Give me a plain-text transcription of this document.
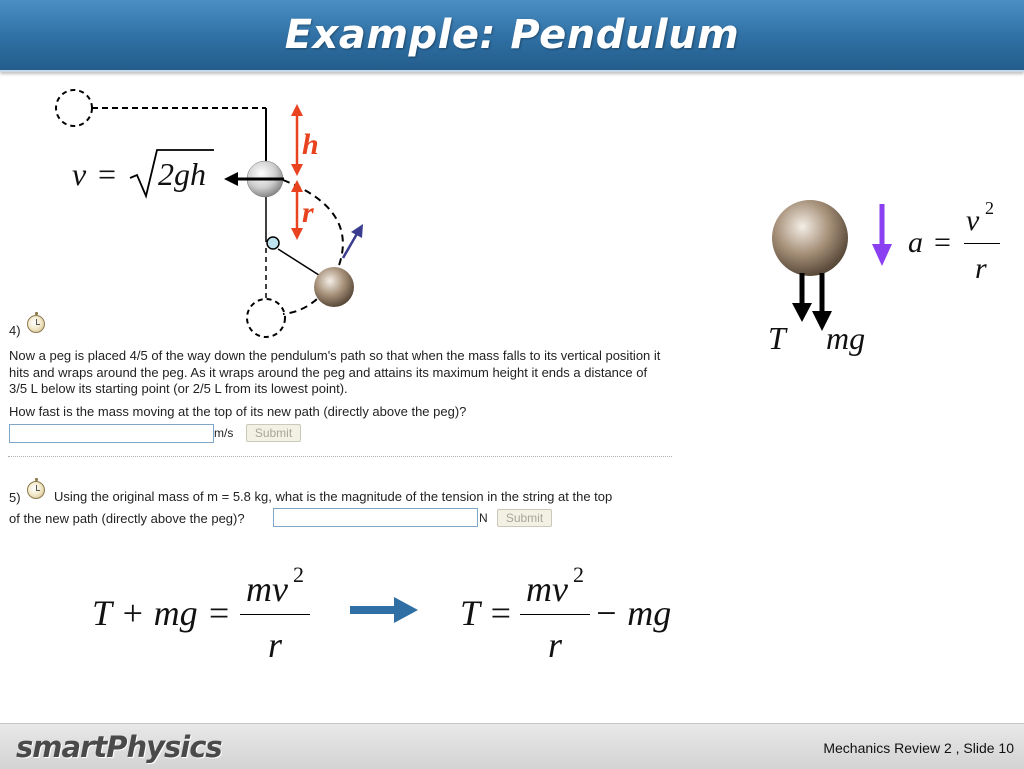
Example: Pendulum
v = 2gh
h
r
4)
Now a peg is placed 4/5 of the way down the pendulum's path so that when the mass falls to its vertical position it hits and wraps around the peg. As it wraps around the peg and attains its maximum height it ends a distance of 3/5 L below its starting point (or 2/5 L from its lowest point).
How fast is the mass moving at the top of its new path (directly above the peg)?
m/s	Submit
5)	Using the original mass of m = 5.8 kg, what is the magnitude of the tension in the string at the top
of the new path (directly above the peg)?	N	Submit
a =
v 2
r
T mg
T + mg =
mv 2
r
T =
mv 2
r
− mg
smartPhysics	Mechanics Review 2 , Slide 10
